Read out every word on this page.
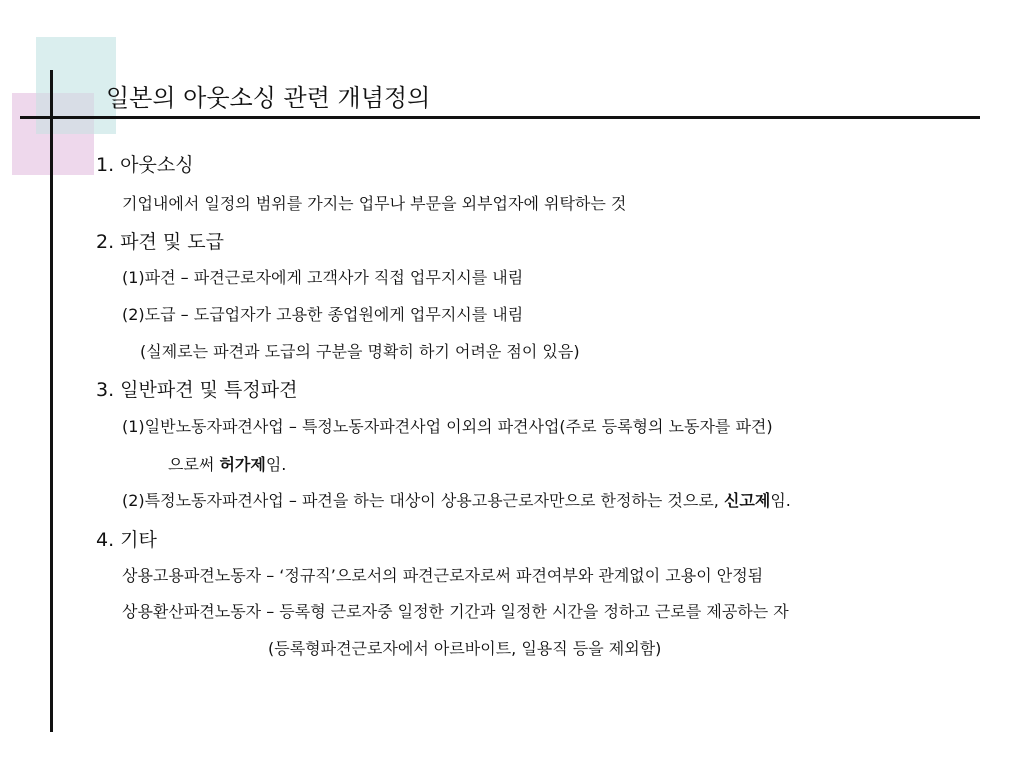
일본의 아웃소싱 관련 개념정의
1. 아웃소싱
기업내에서 일정의 범위를 가지는 업무나 부문을 외부업자에 위탁하는 것
2. 파견 및 도급
(1)파견 – 파견근로자에게 고객사가 직접 업무지시를 내림
(2)도급 – 도급업자가 고용한 종업원에게 업무지시를 내림
(실제로는 파견과 도급의 구분을 명확히 하기 어려운 점이 있음)
3. 일반파견 및 특정파견
(1)일반노동자파견사업 – 특정노동자파견사업 이외의 파견사업(주로 등록형의 노동자를 파견)
으로써 허가제임.
(2)특정노동자파견사업 – 파견을 하는 대상이 상용고용근로자만으로 한정하는 것으로, 신고제임.
4. 기타
상용고용파견노동자 – ‘정규직’으로서의 파견근로자로써 파견여부와 관계없이 고용이 안정됨
상용환산파견노동자 – 등록형 근로자중 일정한 기간과 일정한 시간을 정하고 근로를 제공하는 자
(등록형파견근로자에서 아르바이트, 일용직 등을 제외함)
